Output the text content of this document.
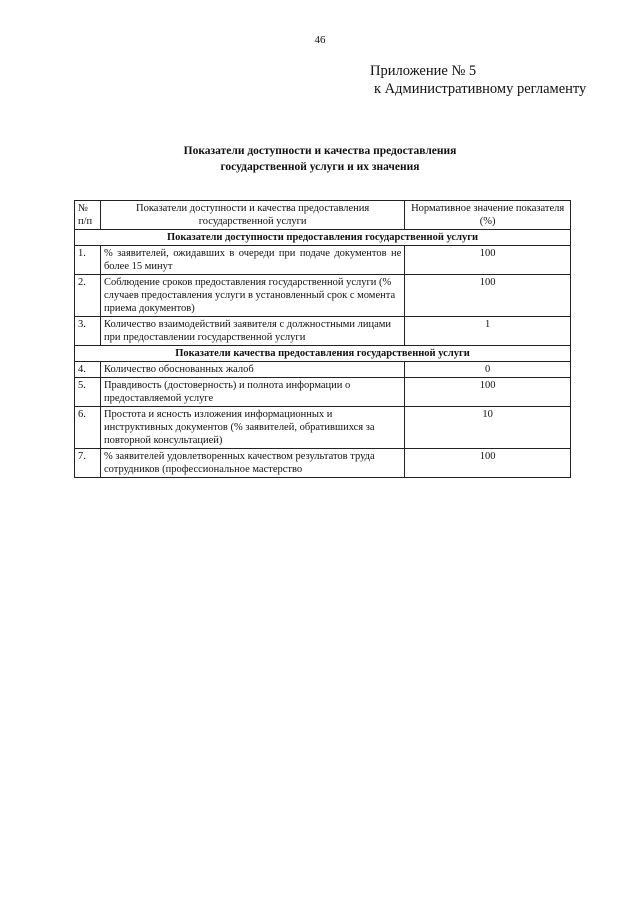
46
Приложение № 5
к Административному регламенту
Показатели доступности и качества предоставления
государственной услуги и их значения
№ п/п	Показатели доступности и качества предоставления государственной услуги	Нормативное значение показателя (%)
Показатели доступности предоставления государственной услуги		
1.	% заявителей, ожидавших в очереди при подаче документов не более 15 минут	100
2.	Соблюдение сроков предоставления государственной услуги (% случаев предоставления услуги в установленный срок с момента приема документов)	100
3.	Количество взаимодействий заявителя с должностными лицами при предоставлении государственной услуги	1
Показатели качества предоставления государственной услуги		
4.	Количество обоснованных жалоб	0
5.	Правдивость (достоверность) и полнота информации о предоставляемой услуге	100
6.	Простота и ясность изложения информационных и инструктивных документов (% заявителей, обратившихся за повторной консультацией)	10
7.	% заявителей удовлетворенных качеством результатов труда сотрудников (профессиональное мастерство	100
